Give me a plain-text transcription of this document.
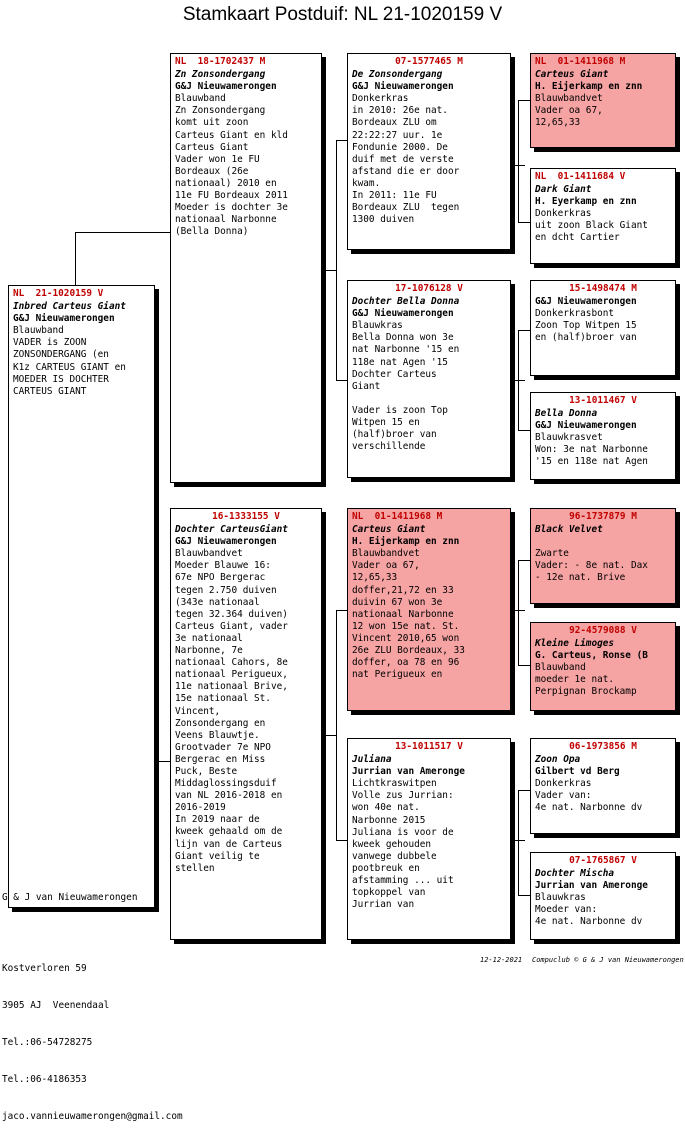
Stamkaart Postduif: NL 21-1020159 V
NL  21-1020159 V
Inbred Carteus Giant
G&J Nieuwamerongen
Blauwband
VADER is ZOON
ZONSONDERGANG (en
K1z CARTEUS GIANT en
MOEDER IS DOCHTER
CARTEUS GIANT
NL  18-1702437 M
Zn Zonsondergang
G&J Nieuwamerongen
Blauwband
Zn Zonsondergang
komt uit zoon
Carteus Giant en kld
Carteus Giant
Vader won 1e FU
Bordeaux (26e
nationaal) 2010 en
11e FU Bordeaux 2011
Moeder is dochter 3e
nationaal Narbonne
(Bella Donna)
16-1333155 V
Dochter CarteusGiant
G&J Nieuwamerongen
Blauwbandvet
Moeder Blauwe 16:
67e NPO Bergerac
tegen 2.750 duiven
(343e nationaal
tegen 32.364 duiven)
Carteus Giant, vader
3e nationaal
Narbonne, 7e
nationaal Cahors, 8e
nationaal Perigueux,
11e nationaal Brive,
15e nationaal St.
Vincent,
Zonsondergang en
Veens Blauwtje.
Grootvader 7e NPO
Bergerac en Miss
Puck, Beste
Middaglossingsduif
van NL 2016-2018 en
2016-2019
In 2019 naar de
kweek gehaald om de
lijn van de Carteus
Giant veilig te
stellen
07-1577465 M
De Zonsondergang
G&J Nieuwamerongen
Donkerkras
in 2010: 26e nat.
Bordeaux ZLU om
22:22:27 uur. 1e
Fondunie 2000. De
duif met de verste
afstand die er door
kwam.
In 2011: 11e FU
Bordeaux ZLU  tegen
1300 duiven
17-1076128 V
Dochter Bella Donna
G&J Nieuwamerongen
Blauwkras
Bella Donna won 3e
nat Narbonne '15 en
118e nat Agen '15
Dochter Carteus
Giant

Vader is zoon Top
Witpen 15 en
(half)broer van
verschillende
NL  01-1411968 M
Carteus Giant
H. Eijerkamp en znn
Blauwbandvet
Vader oa 67,
12,65,33
doffer,21,72 en 33
duivin 67 won 3e
nationaal Narbonne
12 won 15e nat. St.
Vincent 2010,65 won
26e ZLU Bordeaux, 33
doffer, oa 78 en 96
nat Perigueux en
13-1011517 V
Juliana
Jurrian van Ameronge
Lichtkraswitpen
Volle zus Jurrian:
won 40e nat.
Narbonne 2015
Juliana is voor de
kweek gehouden
vanwege dubbele
pootbreuk en
afstamming ... uit
topkoppel van
Jurrian van
NL  01-1411968 M
Carteus Giant
H. Eijerkamp en znn
Blauwbandvet
Vader oa 67,
12,65,33
NL  01-1411684 V
Dark Giant
H. Eyerkamp en znn
Donkerkras
uit zoon Black Giant
en dcht Cartier
15-1498474 M
G&J Nieuwamerongen
Donkerkrasbont
Zoon Top Witpen 15
en (half)broer van
13-1011467 V
Bella Donna
G&J Nieuwamerongen
Blauwkrasvet
Won: 3e nat Narbonne
'15 en 118e nat Agen
96-1737879 M
Black Velvet

Zwarte
Vader: - 8e nat. Dax
- 12e nat. Brive
92-4579088 V
Kleine Limoges
G. Carteus, Ronse (B
Blauwband
moeder 1e nat.
Perpignan Brockamp
06-1973856 M
Zoon Opa
Gilbert vd Berg
Donkerkras
Vader van:
4e nat. Narbonne dv
07-1765867 V
Dochter Mischa
Jurrian van Ameronge
Blauwkras
Moeder van:
4e nat. Narbonne dv

G & J van Nieuwamerongen

Kostverloren 59

3905 AJ  Veenendaal

Tel.:06-54728275

Tel.:06-4186353

jaco.vannieuwamerongen@gmail.com

12-12-2021 Compuclub © G & J van Nieuwamerongen
